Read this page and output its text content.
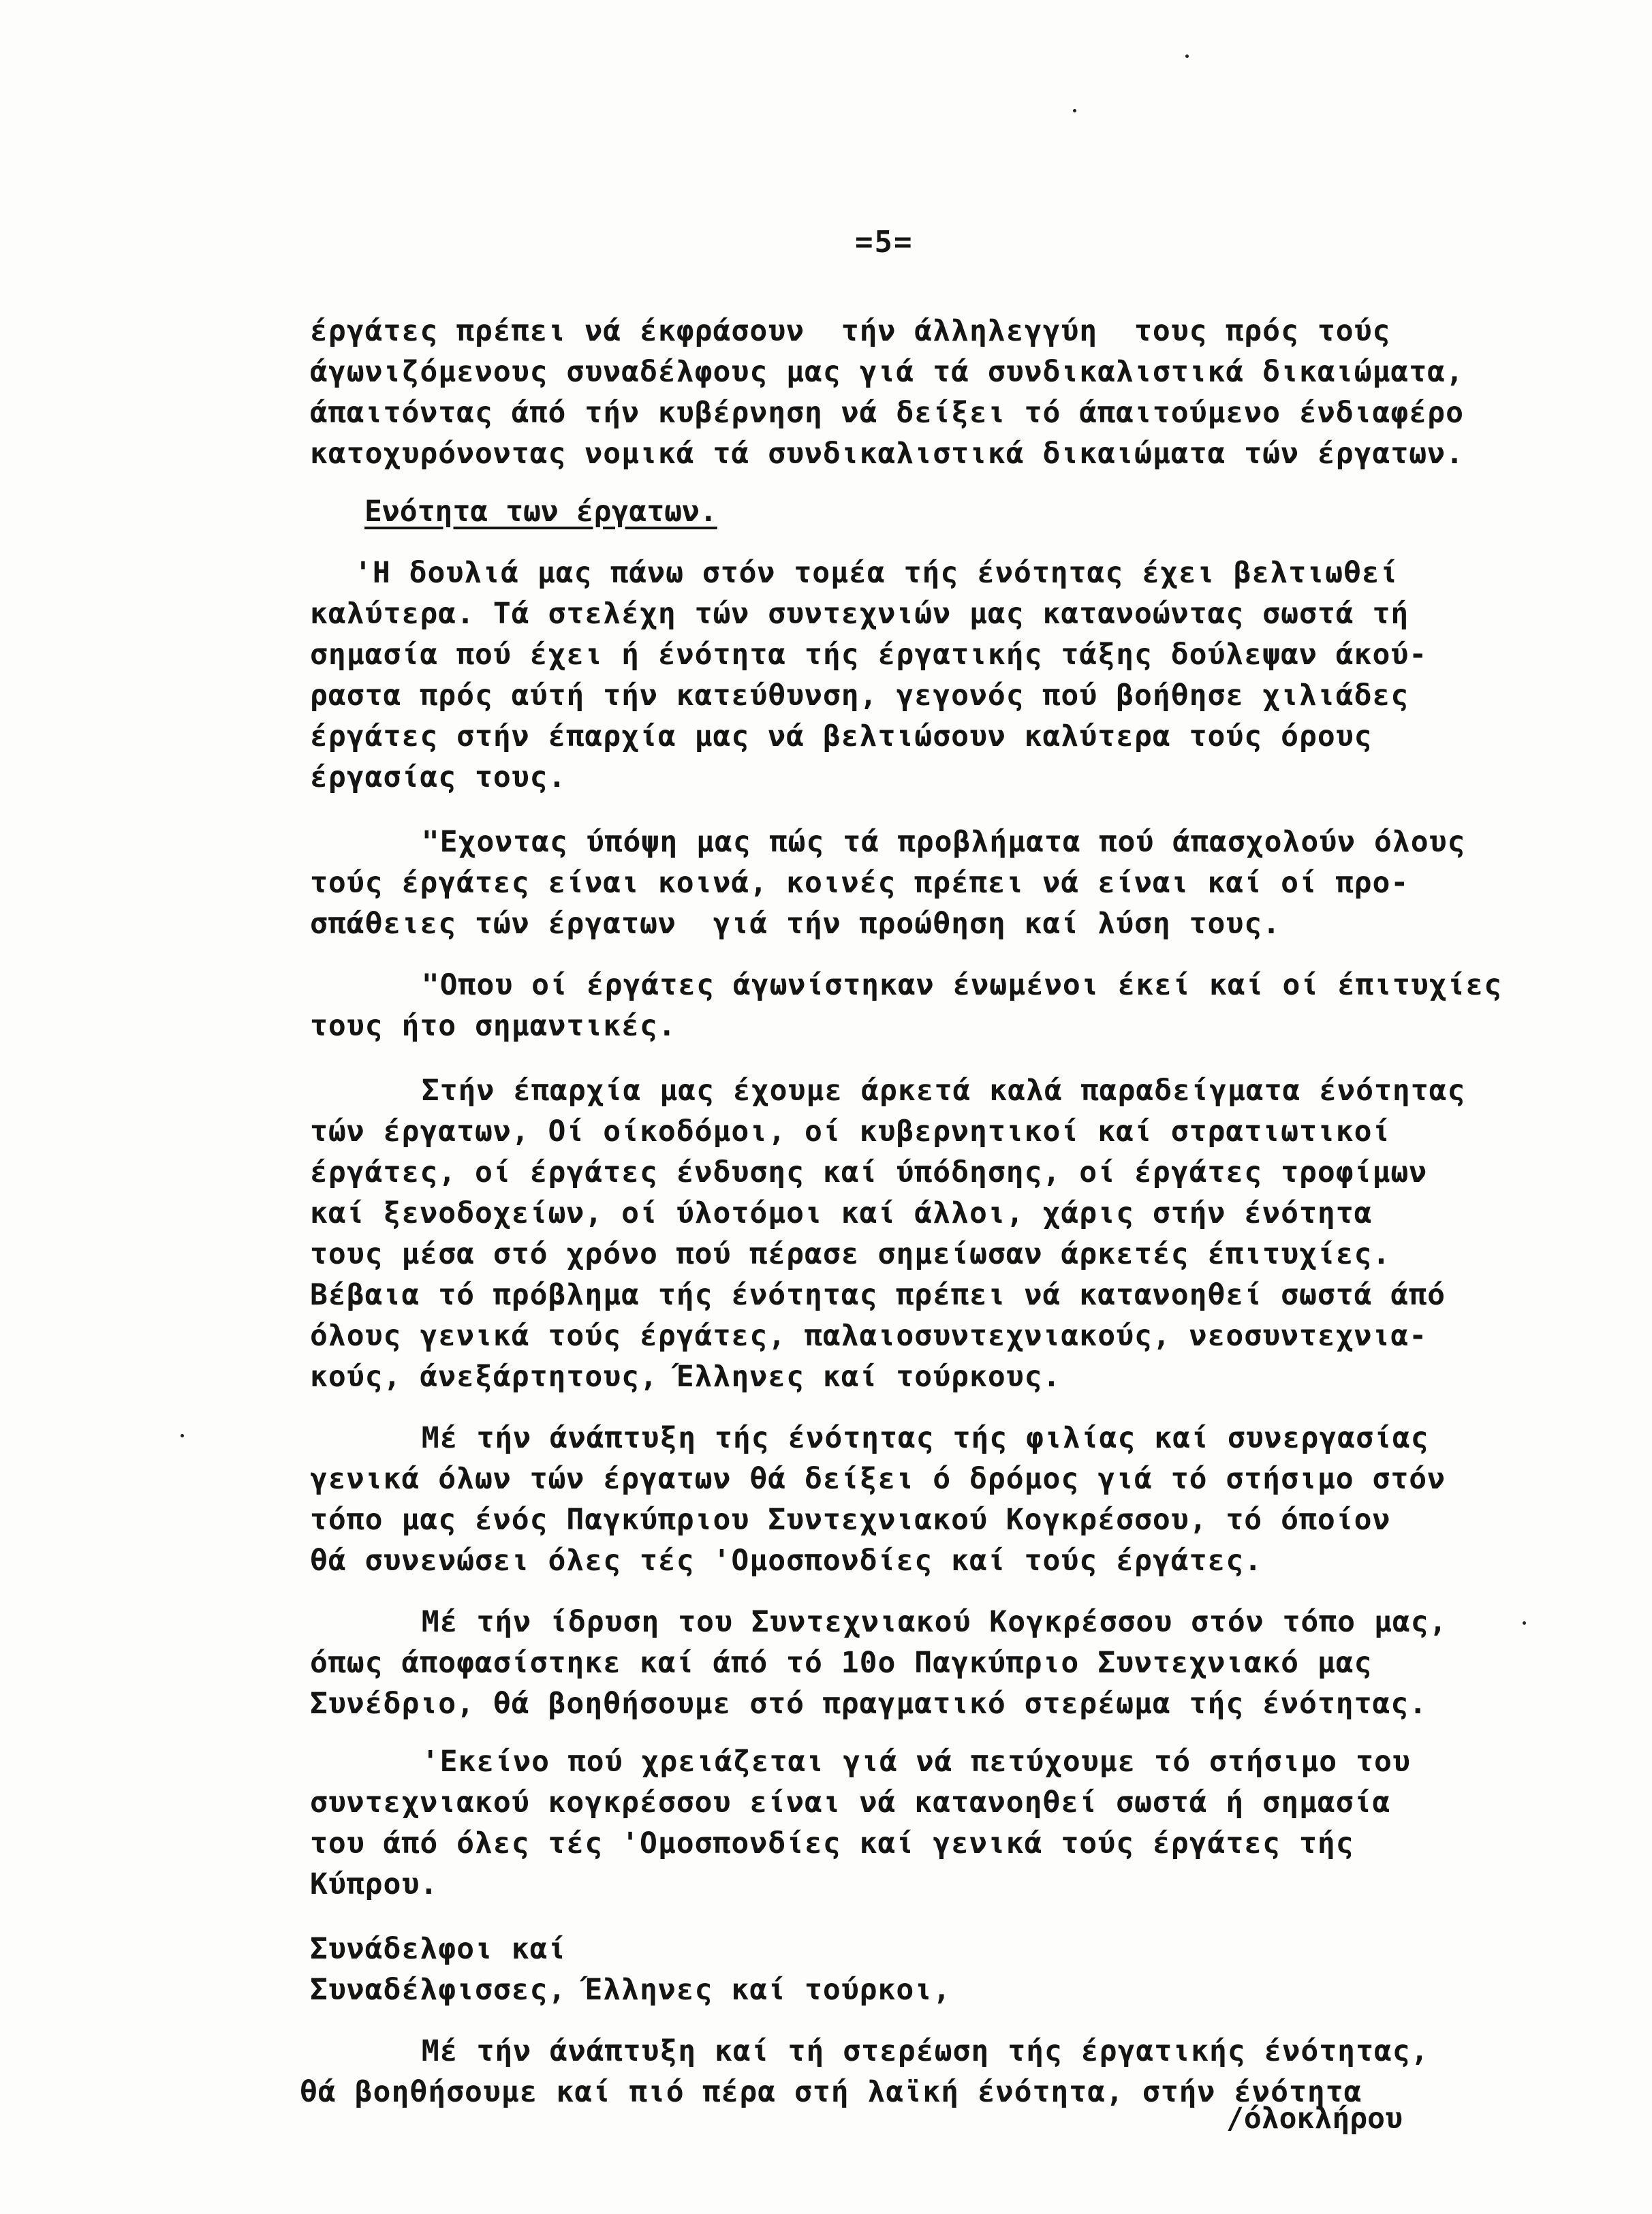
=5=
έργάτες πρέπει νά έκφράσουν  τήν άλληλεγγύη  τους πρός τούς
άγωνιζόμενους συναδέλφους μας γιά τά συνδικαλιστικά δικαιώματα,
άπαιτόντας άπό τήν κυβέρνηση νά δείξει τό άπαιτούμενο ένδιαφέρο
κατοχυρόνοντας νομικά τά συνδικαλιστικά δικαιώματα τών έργατων.
Ενότητα των έργατων.
'Η δουλιά μας πάνω στόν τομέα τής ένότητας έχει βελτιωθεί
καλύτερα. Τά στελέχη τών συντεχνιών μας κατανοώντας σωστά τή
σημασία πού έχει ή ένότητα τής έργατικής τάξης δούλεψαν άκού-
ραστα πρός αύτή τήν κατεύθυνση, γεγονός πού βοήθησε χιλιάδες
έργάτες στήν έπαρχία μας νά βελτιώσουν καλύτερα τούς όρους
έργασίας τους.
"Εχοντας ύπόψη μας πώς τά προβλήματα πού άπασχολούν όλους
τούς έργάτες είναι κοινά, κοινές πρέπει νά είναι καί οί προ-
σπάθειες τών έργατων  γιά τήν προώθηση καί λύση τους.
"Οπου οί έργάτες άγωνίστηκαν ένωμένοι έκεί καί οί έπιτυχίες
τους ήτο σημαντικές.
Στήν έπαρχία μας έχουμε άρκετά καλά παραδείγματα ένότητας
τών έργατων, Οί οίκοδόμοι, οί κυβερνητικοί καί στρατιωτικοί
έργάτες, οί έργάτες ένδυσης καί ύπόδησης, οί έργάτες τροφίμων
καί ξενοδοχείων, οί ύλοτόμοι καί άλλοι, χάρις στήν ένότητα
τους μέσα στό χρόνο πού πέρασε σημείωσαν άρκετές έπιτυχίες.
Βέβαια τό πρόβλημα τής ένότητας πρέπει νά κατανοηθεί σωστά άπό
όλους γενικά τούς έργάτες, παλαιοσυντεχνιακούς, νεοσυντεχνια-
κούς, άνεξάρτητους, Έλληνες καί τούρκους.
Μέ τήν άνάπτυξη τής ένότητας τής φιλίας καί συνεργασίας
γενικά όλων τών έργατων θά δείξει ό δρόμος γιά τό στήσιμο στόν
τόπο μας ένός Παγκύπριου Συντεχνιακού Κογκρέσσου, τό όποίον
θά συνενώσει όλες τές 'Ομοσπονδίες καί τούς έργάτες.
Μέ τήν ίδρυση του Συντεχνιακού Κογκρέσσου στόν τόπο μας,
όπως άποφασίστηκε καί άπό τό 10ο Παγκύπριο Συντεχνιακό μας
Συνέδριο, θά βοηθήσουμε στό πραγματικό στερέωμα τής ένότητας.
'Εκείνο πού χρειάζεται γιά νά πετύχουμε τό στήσιμο του
συντεχνιακού κογκρέσσου είναι νά κατανοηθεί σωστά ή σημασία
του άπό όλες τές 'Ομοσπονδίες καί γενικά τούς έργάτες τής
Κύπρου.
Συνάδελφοι καί
Συναδέλφισσες, Έλληνες καί τούρκοι,
Μέ τήν άνάπτυξη καί τή στερέωση τής έργατικής ένότητας,
θά βοηθήσουμε καί πιό πέρα στή λαϊκή ένότητα, στήν ένότητα
/όλοκλήρου
